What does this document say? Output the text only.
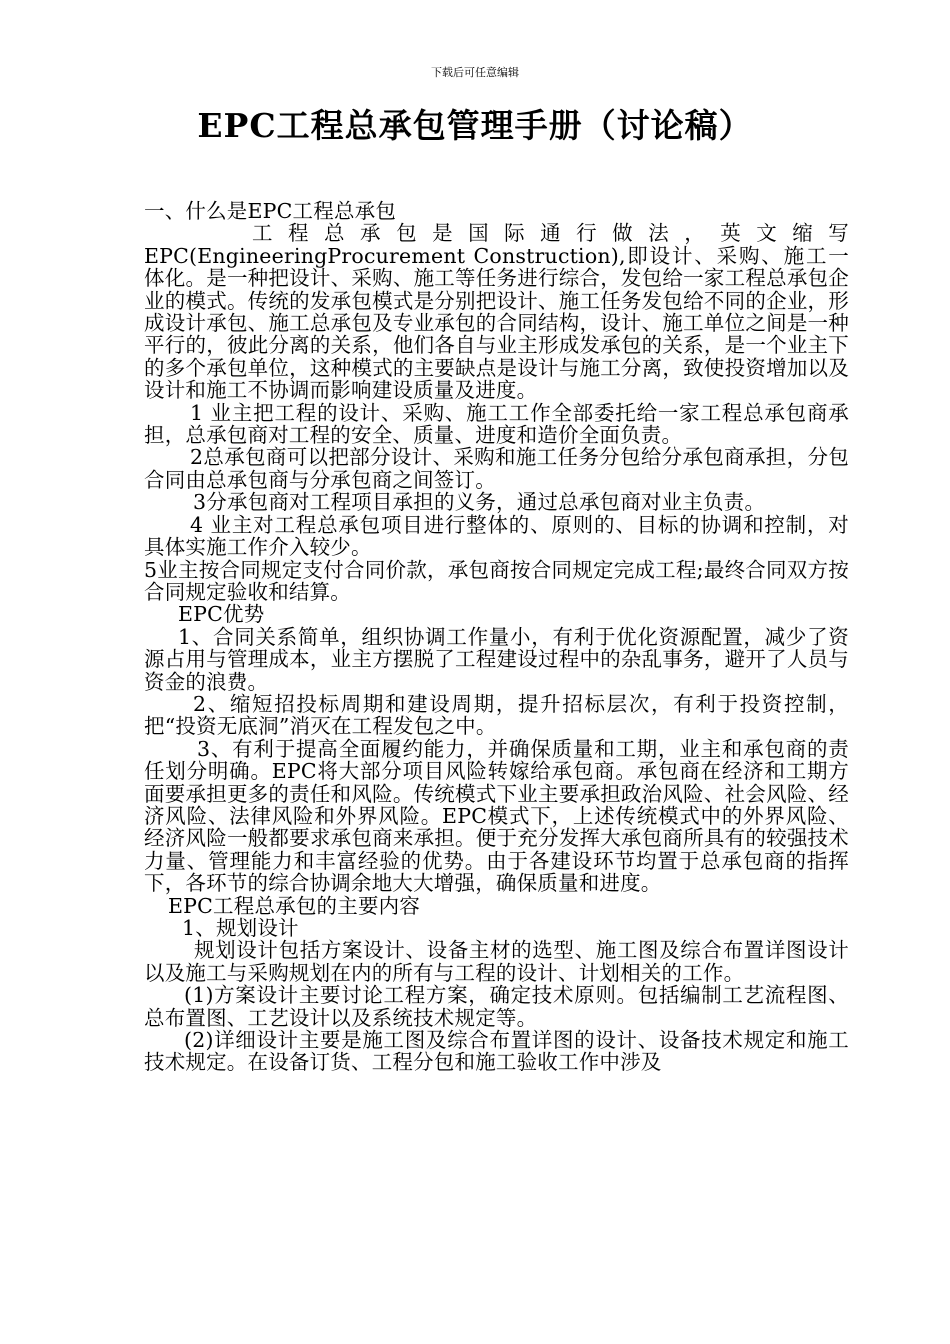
下载后可任意编辑
EPC工程总承包管理手册（讨论稿）

一、什么是EPC工程总承包

工程总承包是国际通行做法，英文缩写

EPC(EngineeringProcurement Construction),即设计、采购、施工一体化。是一种把设计、采购、施工等任务进行综合，发包给一家工程总承包企业的模式。传统的发承包模式是分别把设计、施工任务发包给不同的企业，形成设计承包、施工总承包及专业承包的合同结构，设计、施工单位之间是一种平行的，彼此分离的关系，他们各自与业主形成发承包的关系，是一个业主下的多个承包单位，这种模式的主要缺点是设计与施工分离，致使投资增加以及设计和施工不协调而影响建设质量及进度。

1 业主把工程的设计、采购、施工工作全部委托给一家工程总承包商承担，总承包商对工程的安全、质量、进度和造价全面负责。

2总承包商可以把部分设计、采购和施工任务分包给分承包商承担，分包合同由总承包商与分承包商之间签订。

3分承包商对工程项目承担的义务，通过总承包商对业主负责。

4 业主对工程总承包项目进行整体的、原则的、目标的协调和控制，对具体实施工作介入较少。

5业主按合同规定支付合同价款，承包商按合同规定完成工程;最终合同双方按合同规定验收和结算。

EPC优势

1、合同关系简单，组织协调工作量小，有利于优化资源配置，减少了资源占用与管理成本，业主方摆脱了工程建设过程中的杂乱事务，避开了人员与资金的浪费。

2、缩短招投标周期和建设周期，提升招标层次，有利于投资控制，把“投资无底洞”消灭在工程发包之中。

3、有利于提高全面履约能力，并确保质量和工期，业主和承包商的责任划分明确。EPC将大部分项目风险转嫁给承包商。承包商在经济和工期方面要承担更多的责任和风险。传统模式下业主要承担政治风险、社会风险、经济风险、法律风险和外界风险。EPC模式下，上述传统模式中的外界风险、经济风险一般都要求承包商来承担。便于充分发挥大承包商所具有的较强技术力量、管理能力和丰富经验的优势。由于各建设环节均置于总承包商的指挥下，各环节的综合协调余地大大增强，确保质量和进度。

EPC工程总承包的主要内容

1、规划设计

规划设计包括方案设计、设备主材的选型、施工图及综合布置详图设计以及施工与采购规划在内的所有与工程的设计、计划相关的工作。

(1)方案设计主要讨论工程方案，确定技术原则。包括编制工艺流程图、总布置图、工艺设计以及系统技术规定等。

(2)详细设计主要是施工图及综合布置详图的设计、设备技术规定和施工技术规定。在设备订货、工程分包和施工验收工作中涉及
